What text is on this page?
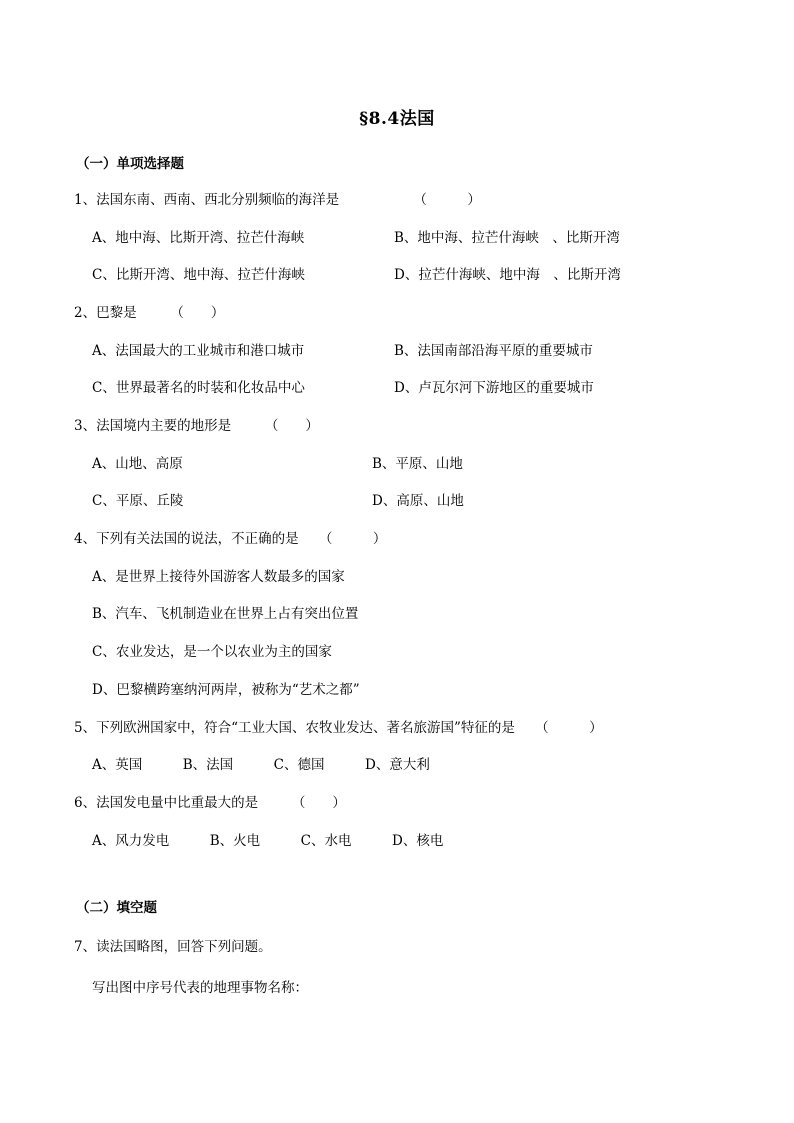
§8.4法国
（一）单项选择题
1、法国东南、西南、西北分别频临的海洋是　　　　　　（　　　）
A、地中海、比斯开湾、拉芒什海峡	B、地中海、拉芒什海峡　、比斯开湾
C、比斯开湾、地中海、拉芒什海峡	D、拉芒什海峡、地中海　、比斯开湾
2、巴黎是　　　（　　）
A、法国最大的工业城市和港口城市	B、法国南部沿海平原的重要城市
C、世界最著名的时装和化妆品中心	D、卢瓦尔河下游地区的重要城市
3、法国境内主要的地形是　　　（　　）
A、山地、高原	B、平原、山地
C、平原、丘陵	D、高原、山地
4、下列有关法国的说法，不正确的是　　（　　　）
A、是世界上接待外国游客人数最多的国家
B、汽车、飞机制造业在世界上占有突出位置
C、农业发达，是一个以农业为主的国家
D、巴黎横跨塞纳河两岸，被称为“艺术之都”
5、下列欧洲国家中，符合“工业大国、农牧业发达、著名旅游国”特征的是　　（　　　）
A、英国　　　B、法国　　　C、德国　　　D、意大利
6、法国发电量中比重最大的是　　　（　　）
A、风力发电　　　B、火电　　　C、水电　　　D、核电
（二）填空题
7、读法国略图，回答下列问题。
写出图中序号代表的地理事物名称：
